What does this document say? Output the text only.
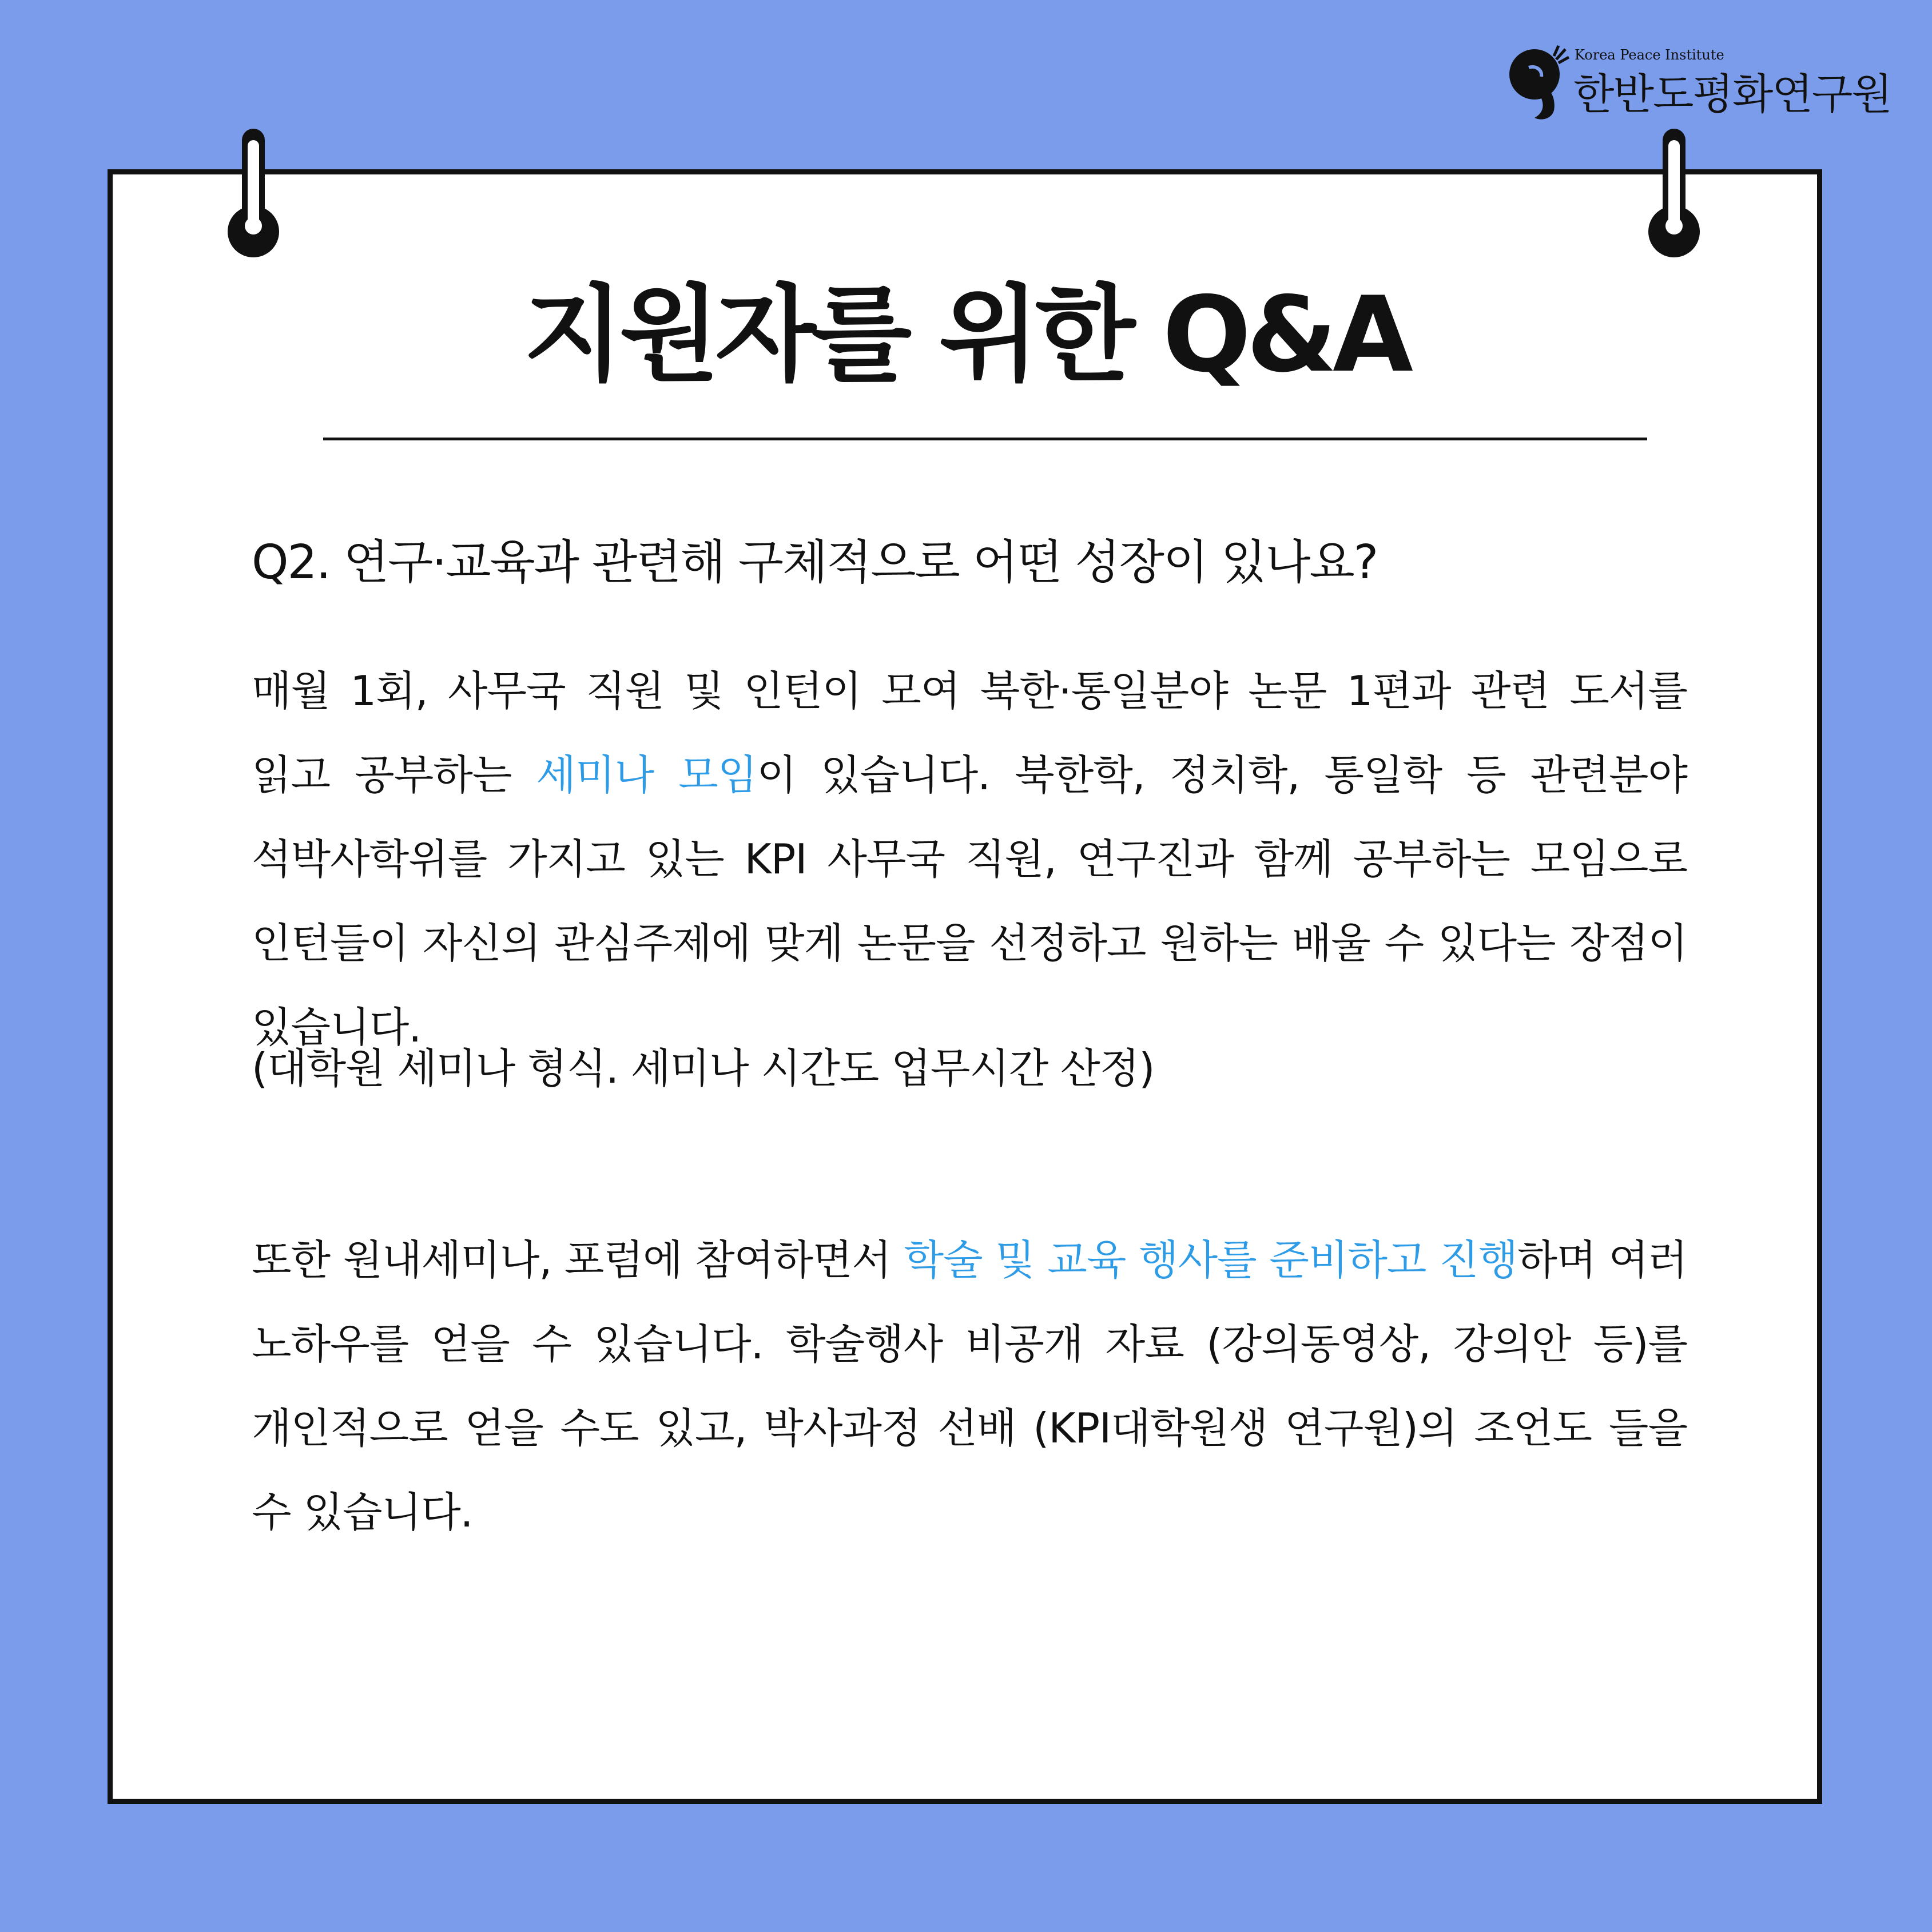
Korea Peace Institute
한반도평화연구원
지원자를 위한 Q&A

Q2. 연구·교육과 관련해 구체적으로 어떤 성장이 있나요?

매월 1회, 사무국 직원 및 인턴이 모여 북한·통일분야 논문 1편과 관련 도서를 읽고 공부하는 세미나 모임이 있습니다. 북한학, 정치학, 통일학 등 관련분야 석박사학위를 가지고 있는 KPI 사무국 직원, 연구진과 함께 공부하는 모임으로 인턴들이 자신의 관심주제에 맞게 논문을 선정하고 원하는 배울 수 있다는 장점이 있습니다.

(대학원 세미나 형식. 세미나 시간도 업무시간 산정)

또한 원내세미나, 포럼에 참여하면서 학술 및 교육 행사를 준비하고 진행하며 여러 노하우를 얻을 수 있습니다. 학술행사 비공개 자료 (강의동영상, 강의안 등)를 개인적으로 얻을 수도 있고, 박사과정 선배 (KPI대학원생 연구원)의 조언도 들을 수 있습니다.
